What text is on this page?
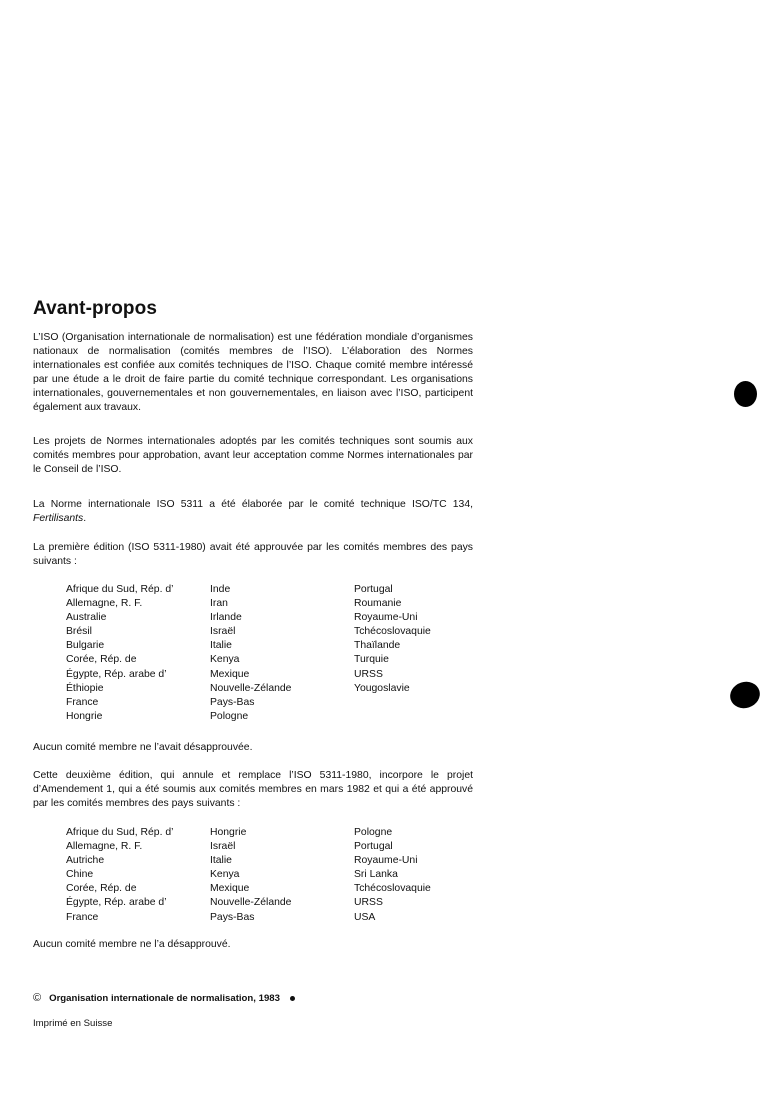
Avant-propos

L’ISO (Organisation internationale de normalisation) est une fédération mondiale d’organismes nationaux de normalisation (comités membres de l’ISO). L’élaboration des Normes internationales est confiée aux comités techniques de l’ISO. Chaque comité membre intéressé par une étude a le droit de faire partie du comité technique correspondant. Les organisations internationales, gouvernementales et non gouvernementales, en liaison avec l’ISO, participent également aux travaux.

Les projets de Normes internationales adoptés par les comités techniques sont soumis aux comités membres pour approbation, avant leur acceptation comme Normes internationales par le Conseil de l’ISO.

La Norme internationale ISO 5311 a été élaborée par le comité technique ISO/TC 134, Fertilisants.

La première édition (ISO 5311-1980) avait été approuvée par les comités membres des pays suivants :

Afrique du Sud, Rép. d’
Allemagne, R. F.
Australie
Brésil
Bulgarie
Corée, Rép. de
Égypte, Rép. arabe d’
Éthiopie
France
Hongrie
Inde
Iran
Irlande
Israël
Italie
Kenya
Mexique
Nouvelle-Zélande
Pays-Bas
Pologne
Portugal
Roumanie
Royaume-Uni
Tchécoslovaquie
Thaïlande
Turquie
URSS
Yougoslavie

Aucun comité membre ne l’avait désapprouvée.

Cette deuxième édition, qui annule et remplace l’ISO 5311-1980, incorpore le projet d’Amendement 1, qui a été soumis aux comités membres en mars 1982 et qui a été approuvé par les comités membres des pays suivants :

Afrique du Sud, Rép. d’
Allemagne, R. F.
Autriche
Chine
Corée, Rép. de
Égypte, Rép. arabe d’
France
Hongrie
Israël
Italie
Kenya
Mexique
Nouvelle-Zélande
Pays-Bas
Pologne
Portugal
Royaume-Uni
Sri Lanka
Tchécoslovaquie
URSS
USA

Aucun comité membre ne l’a désapprouvé.

© Organisation internationale de normalisation, 1983
Imprimé en Suisse
